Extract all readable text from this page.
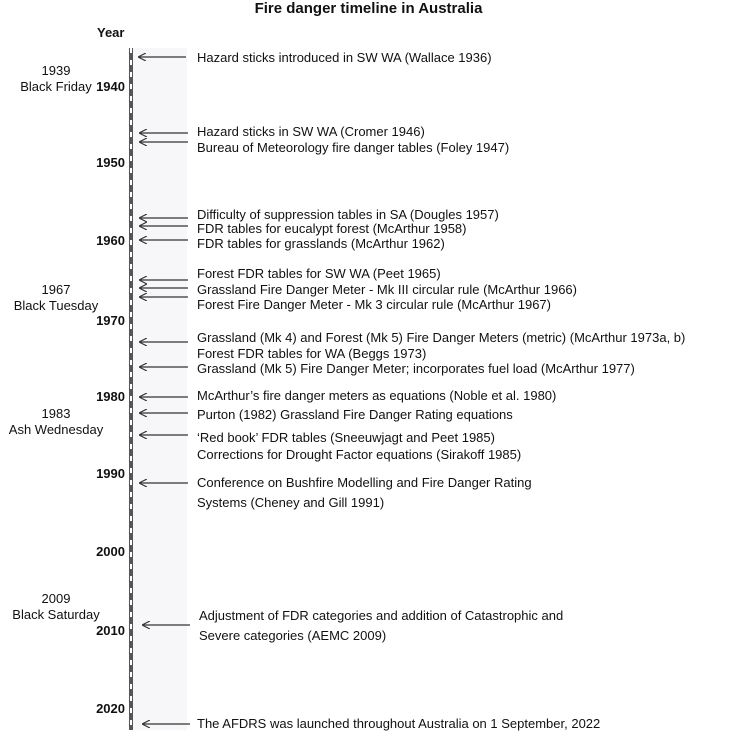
Fire danger timeline in Australia
Year
1940
1950
1960
1970
1980
1990
2000
2010
2020
1939
Black Friday
1967
Black Tuesday
1983
Ash Wednesday
2009
Black Saturday
Hazard sticks introduced in SW WA (Wallace 1936)
Hazard sticks in SW WA (Cromer 1946)
Bureau of Meteorology fire danger tables (Foley 1947)
Difficulty of suppression tables in SA (Dougles 1957)
FDR tables for eucalypt forest (McArthur 1958)
FDR tables for grasslands (McArthur 1962)
Forest FDR tables for SW WA (Peet 1965)
Grassland Fire Danger Meter - Mk III circular rule (McArthur 1966)
Forest Fire Danger Meter - Mk 3 circular rule (McArthur 1967)
Grassland (Mk 4) and Forest (Mk 5) Fire Danger Meters (metric) (McArthur 1973a, b)
Forest FDR tables for WA (Beggs 1973)
Grassland (Mk 5) Fire Danger Meter; incorporates fuel load (McArthur 1977)
McArthur’s fire danger meters as equations (Noble et al. 1980)
Purton (1982) Grassland Fire Danger Rating equations
‘Red book’ FDR tables (Sneeuwjagt and Peet 1985)
Corrections for Drought Factor equations (Sirakoff 1985)
Conference on Bushfire Modelling and Fire Danger Rating Systems (Cheney and Gill 1991)
Adjustment of FDR categories and addition of Catastrophic and Severe categories (AEMC 2009)
The AFDRS was launched throughout Australia on 1 September, 2022
